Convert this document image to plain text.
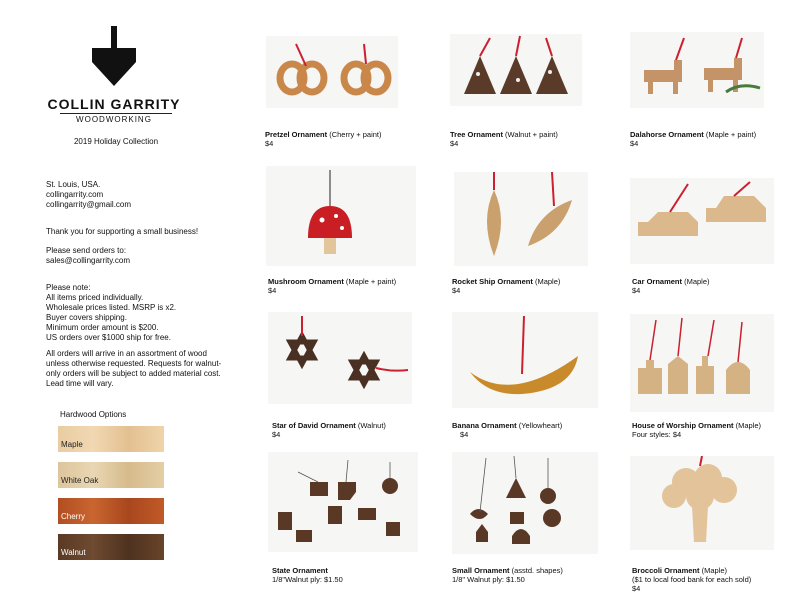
COLLIN GARRITY
WOODWORKING
2019 Holiday Collection
St. Louis, USA.
collingarrity.com
collingarrity@gmail.com
Thank you for supporting a small business!
Please send orders to:
sales@collingarrity.com
Please note:
All items priced individually.
Wholesale prices listed. MSRP is x2.
Buyer covers shipping.
Minimum order amount is $200.
US orders over $1000 ship for free.
All orders will arrive in an assortment of wood unless otherwise requested. Requests for walnut-only orders will be subject to added material cost. Lead time will vary.
Hardwood Options
Maple
White Oak
Cherry
Walnut
Pretzel Ornament (Cherry + paint)
$4
Tree Ornament (Walnut + paint)
$4
Dalahorse Ornament (Maple + paint)
$4
Mushroom Ornament (Maple + paint)
$4
Rocket Ship Ornament (Maple)
$4
Car Ornament (Maple)
$4
Star of David Ornament (Walnut)
$4
Banana Ornament (Yellowheart)
$4
House of Worship Ornament (Maple)
Four styles: $4
State Ornament
1/8"Walnut ply: $1.50
Small Ornament (asstd. shapes)
1/8" Walnut ply: $1.50
Broccoli Ornament (Maple)
($1 to local food bank for each sold)
$4
